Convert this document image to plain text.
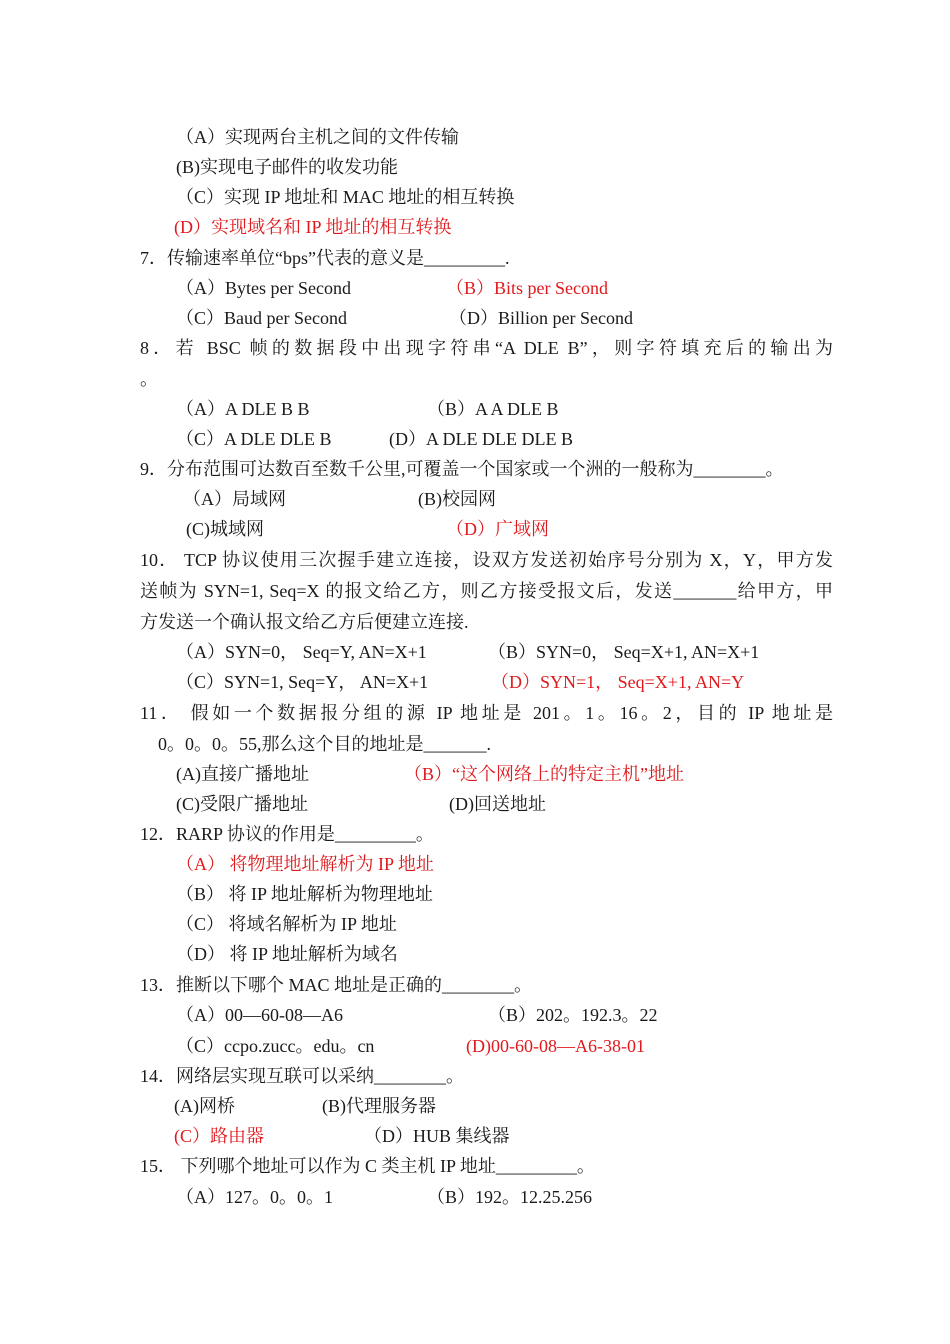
（A）实现两台主机之间的文件传输
(B)实现电子邮件的收发功能
（C）实现 IP 地址和 MAC 地址的相互转换
(D）实现域名和 IP 地址的相互转换
7．传输速率单位“bps”代表的意义是_________.
（A）Bytes per Second	（B）Bits per Second
（C）Baud per Second	（D）Billion per Second
8．若 BSC 帧的数据段中出现字符串“A DLE B”，则字符填充后的输出为
。
（A）A DLE B B	（B）A A DLE B
（C）A DLE DLE B	(D）A DLE DLE DLE B
9．分布范围可达数百至数千公里,可覆盖一个国家或一个洲的一般称为________。
（A）局域网	(B)校园网
(C)城域网	（D）广域网
10． TCP 协议使用三次握手建立连接，设双方发送初始序号分别为 X，Y，甲方发
送帧为 SYN=1, Seq=X 的报文给乙方，则乙方接受报文后，发送_______给甲方，甲
方发送一个确认报文给乙方后便建立连接.
（A）SYN=0， Seq=Y, AN=X+1	（B）SYN=0， Seq=X+1, AN=X+1
（C）SYN=1, Seq=Y， AN=X+1	（D）SYN=1， Seq=X+1, AN=Y
11． 假如一个数据报分组的源 IP 地址是 201。1。16。2，目的 IP 地址是
0。0。0。55,那么这个目的地址是_______.
(A)直接广播地址	（B）“这个网络上的特定主机”地址
(C)受限广播地址	(D)回送地址
12．RARP 协议的作用是_________。
（A） 将物理地址解析为 IP 地址
（B） 将 IP 地址解析为物理地址
（C） 将域名解析为 IP 地址
（D） 将 IP 地址解析为域名
13．推断以下哪个 MAC 地址是正确的________。
（A）00—60-08—A6	（B）202。192.3。22
（C）ccpo.zucc。edu。cn	(D)00-60-08—A6-38-01
14．网络层实现互联可以采纳________。
(A)网桥	(B)代理服务器
(C）路由器	（D）HUB 集线器
15． 下列哪个地址可以作为 C 类主机 IP 地址_________。
（A）127。0。0。1	（B）192。12.25.256
